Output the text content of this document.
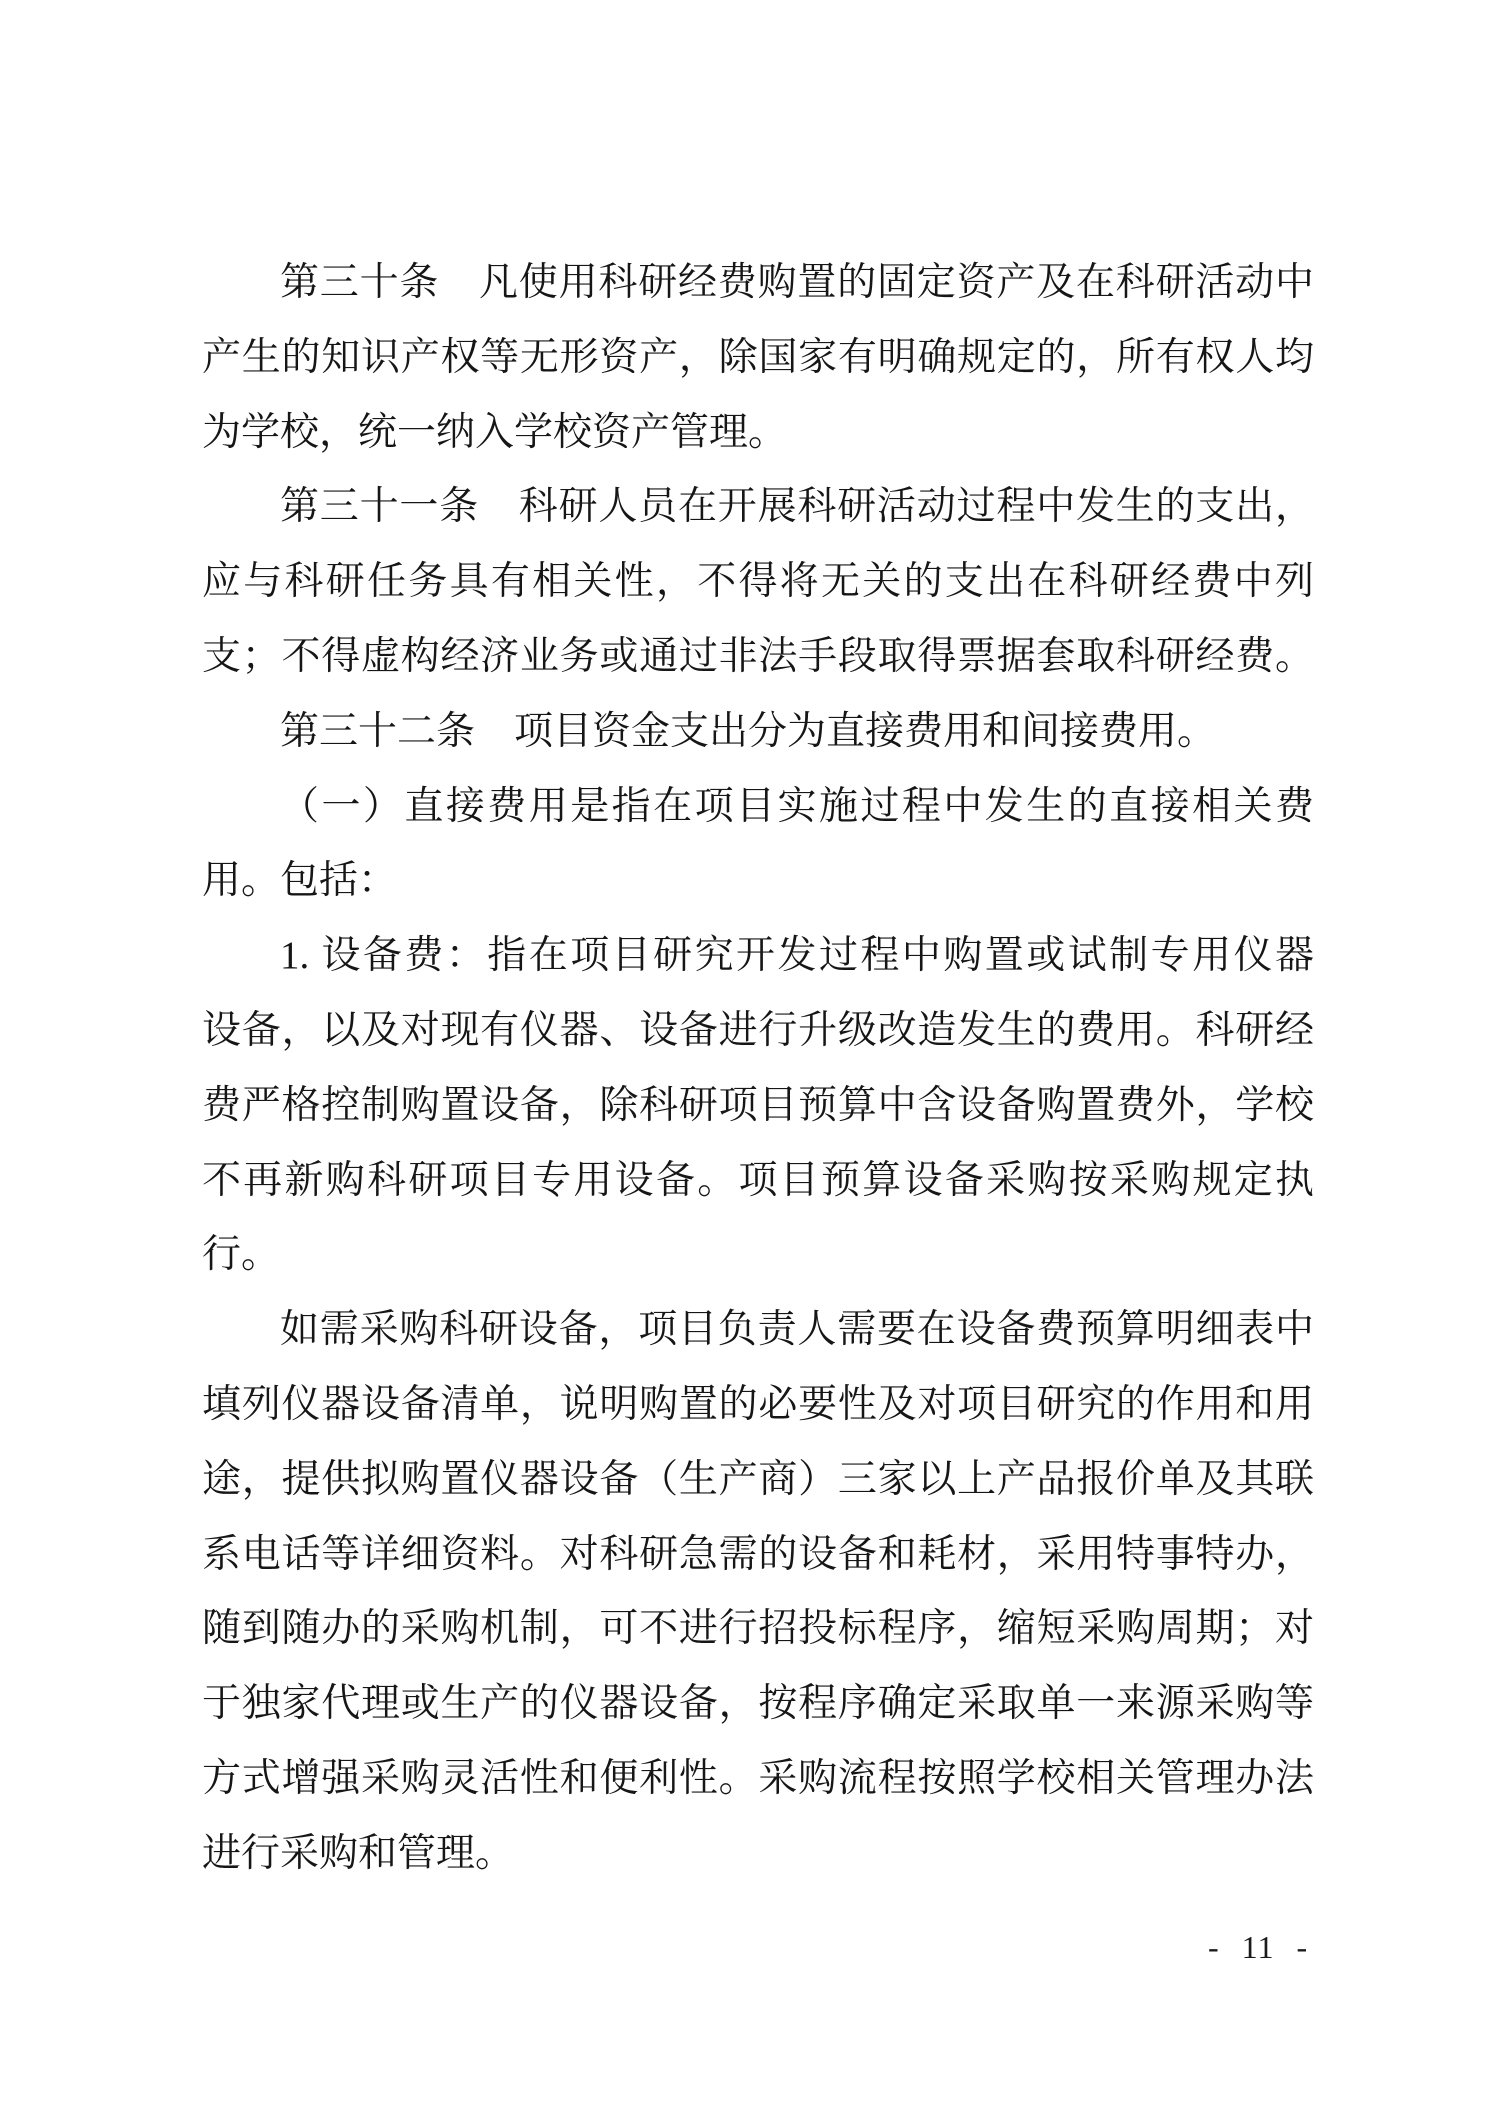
第三十条　凡使用科研经费购置的固定资产及在科研活动中
产生的知识产权等无形资产，除国家有明确规定的，所有权人均
为学校，统一纳入学校资产管理。
第三十一条　科研人员在开展科研活动过程中发生的支出，
应与科研任务具有相关性，不得将无关的支出在科研经费中列
支；不得虚构经济业务或通过非法手段取得票据套取科研经费。
第三十二条　项目资金支出分为直接费用和间接费用。
（一）直接费用是指在项目实施过程中发生的直接相关费
用。包括：
1. 设备费：指在项目研究开发过程中购置或试制专用仪器
设备，以及对现有仪器、设备进行升级改造发生的费用。科研经
费严格控制购置设备，除科研项目预算中含设备购置费外，学校
不再新购科研项目专用设备。项目预算设备采购按采购规定执
行。
如需采购科研设备，项目负责人需要在设备费预算明细表中
填列仪器设备清单，说明购置的必要性及对项目研究的作用和用
途，提供拟购置仪器设备（生产商）三家以上产品报价单及其联
系电话等详细资料。对科研急需的设备和耗材，采用特事特办，
随到随办的采购机制，可不进行招投标程序，缩短采购周期；对
于独家代理或生产的仪器设备，按程序确定采取单一来源采购等
方式增强采购灵活性和便利性。采购流程按照学校相关管理办法
进行采购和管理。
- 11 -
